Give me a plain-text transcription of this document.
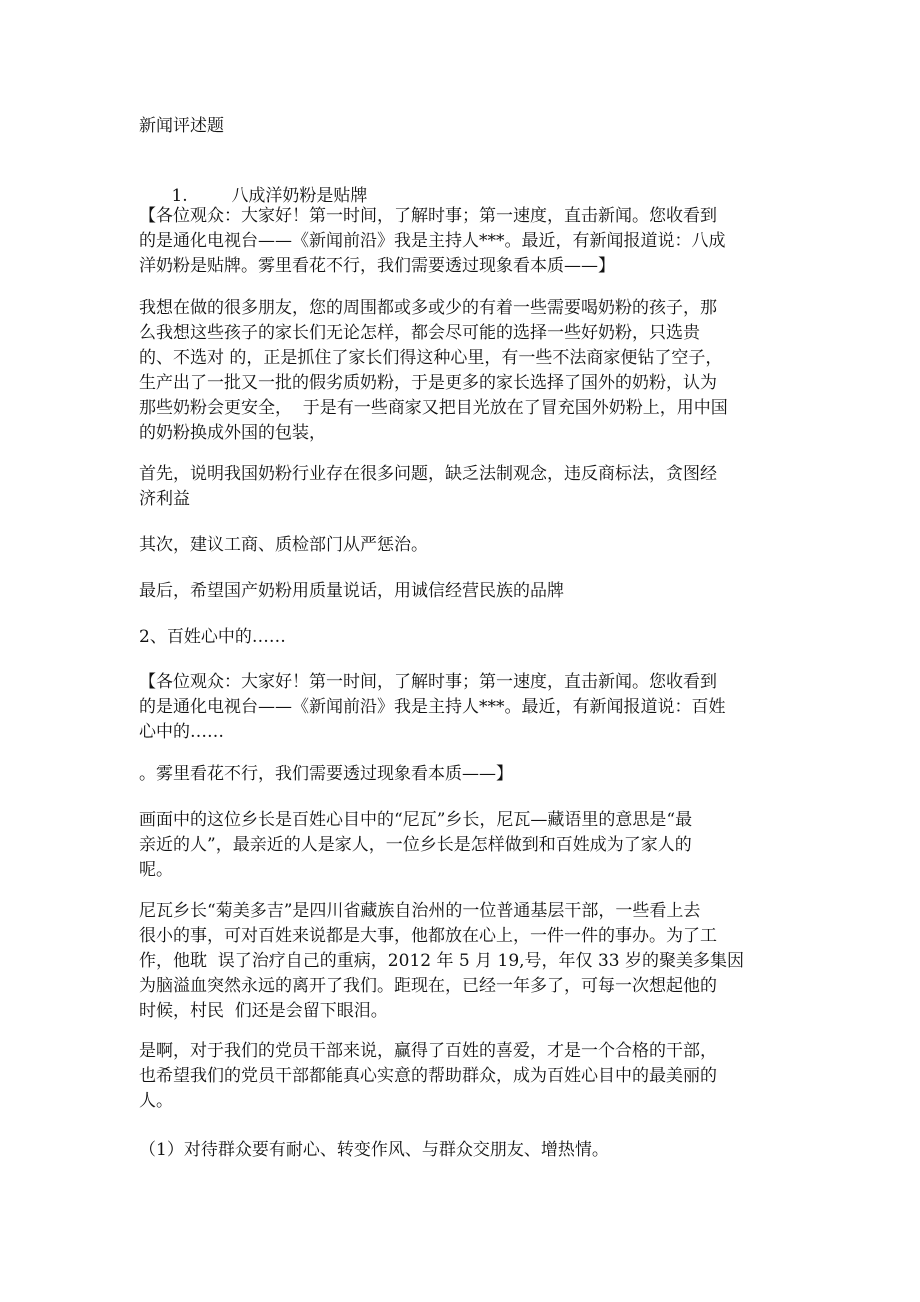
新闻评述题

1.	八成洋奶粉是贴牌

【各位观众：大家好！第一时间，了解时事；第一速度，直击新闻。您收看到
的是通化电视台——《新闻前沿》我是主持人***。最近，有新闻报道说：八成
洋奶粉是贴牌。雾里看花不行，我们需要透过现象看本质——】

我想在做的很多朋友，您的周围都或多或少的有着一些需要喝奶粉的孩子，那
么我想这些孩子的家长们无论怎样，都会尽可能的选择一些好奶粉，只选贵
的、不选对 的，正是抓住了家长们得这种心里，有一些不法商家便钻了空子，
生产出了一批又一批的假劣质奶粉，于是更多的家长选择了国外的奶粉，认为
那些奶粉会更安全，  于是有一些商家又把目光放在了冒充国外奶粉上，用中国
的奶粉换成外国的包装，

首先，说明我国奶粉行业存在很多问题，缺乏法制观念，违反商标法，贪图经
济利益

其次，建议工商、质检部门从严惩治。

最后，希望国产奶粉用质量说话，用诚信经营民族的品牌

2、百姓心中的……

【各位观众：大家好！第一时间，了解时事；第一速度，直击新闻。您收看到
的是通化电视台——《新闻前沿》我是主持人***。最近，有新闻报道说：百姓
心中的……

。雾里看花不行，我们需要透过现象看本质——】

画面中的这位乡长是百姓心目中的“尼瓦”乡长，尼瓦—藏语里的意思是“最
亲近的人”，最亲近的人是家人，一位乡长是怎样做到和百姓成为了家人的
呢。

尼瓦乡长“菊美多吉”是四川省藏族自治州的一位普通基层干部，一些看上去
很小的事，可对百姓来说都是大事，他都放在心上，一件一件的事办。为了工
作，他耽  误了治疗自己的重病，2012 年 5 月 19,号，年仅 33 岁的聚美多集因
为脑溢血突然永远的离开了我们。距现在，已经一年多了，可每一次想起他的
时候，村民  们还是会留下眼泪。

是啊，对于我们的党员干部来说，赢得了百姓的喜爱，才是一个合格的干部，
也希望我们的党员干部都能真心实意的帮助群众，成为百姓心目中的最美丽的
人。

（1）对待群众要有耐心、转变作风、与群众交朋友、增热情。
